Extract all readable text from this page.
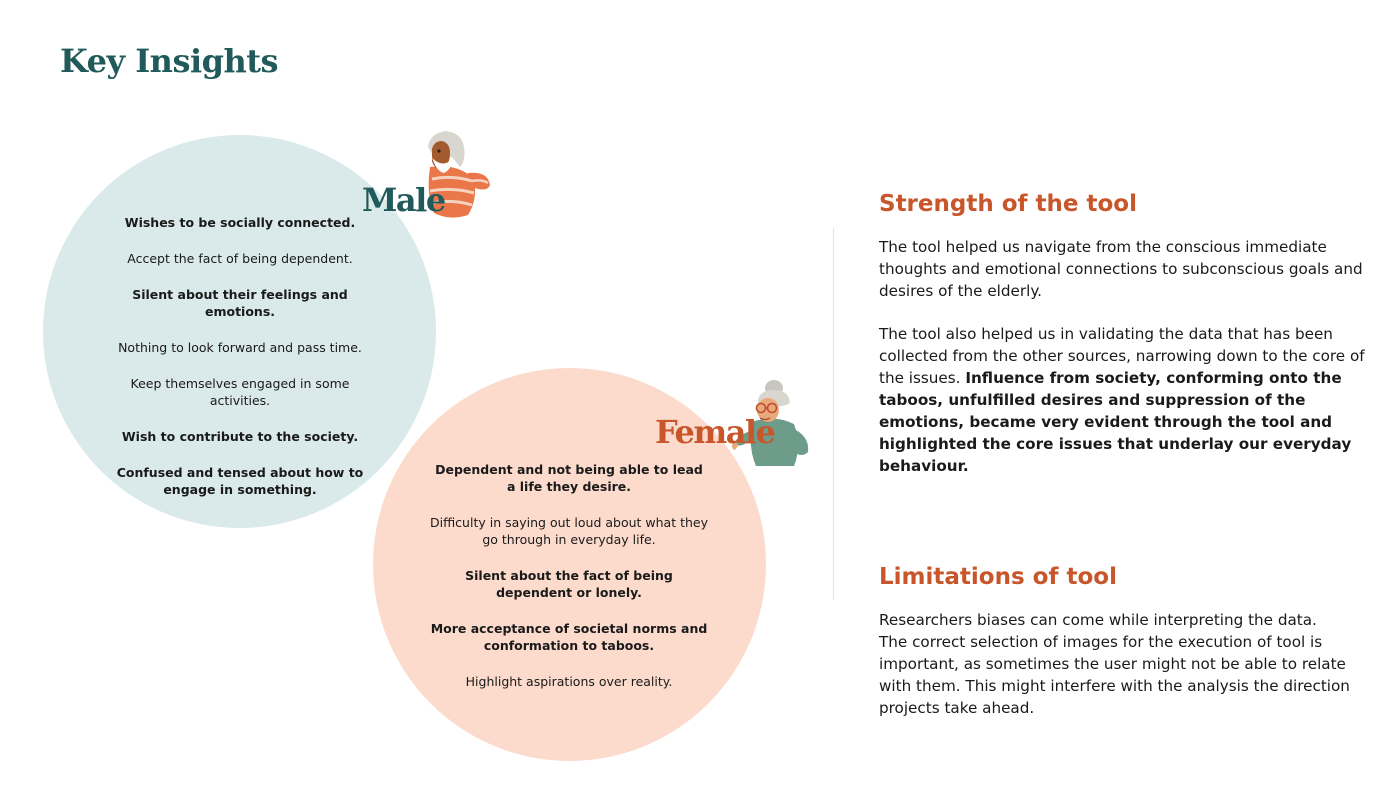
Key Insights
Wishes to be socially connected.

Accept the fact of being dependent.

Silent about their feelings and emotions.

Nothing to look forward and pass time.

Keep themselves engaged in some activities.

Wish to contribute to the society.

Confused and tensed about how to engage in something.
Dependent and not being able to lead a life they desire.

Difficulty in saying out loud about what they go through in everyday life.

Silent about the fact of being dependent or lonely.

More acceptance of societal norms and conformation to taboos.

Highlight aspirations over reality.
Male
Female
Strength of the tool

The tool helped us navigate from the conscious immediate thoughts and emotional connections to subconscious goals and desires of the elderly.
The tool also helped us in validating the data that has been collected from the other sources, narrowing down to the core of the issues. Influence from society, conforming onto the taboos, unfulfilled desires and suppression of the emotions, became very evident through the tool and highlighted the core issues that underlay our everyday behaviour.

Limitations of tool

Researchers biases can come while interpreting the data.
The correct selection of images for the execution of tool is important, as sometimes the user might not be able to relate with them. This might interfere with the analysis the direction projects take ahead.
